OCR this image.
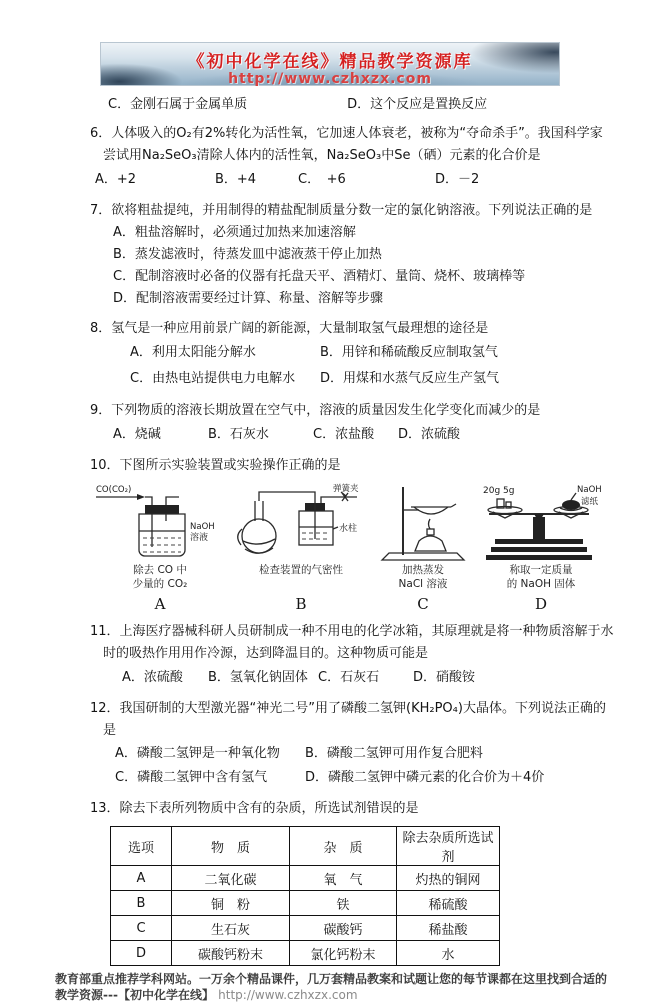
《初中化学在线》精品教学资源库
http://www.czhxzx.com
C．金刚石属于金属单质	D．这个反应是置换反应
6．人体吸入的O₂有2%转化为活性氧，它加速人体衰老，被称为“夺命杀手”。我国科学家
尝试用Na₂SeO₃清除人体内的活性氧，Na₂SeO₃中Se（硒）元素的化合价是
A．+2	B．+4	C．　+6	D．－2
7．欲将粗盐提纯，并用制得的精盐配制质量分数一定的氯化钠溶液。下列说法正确的是
A．粗盐溶解时，必须通过加热来加速溶解
B．蒸发滤液时，待蒸发皿中滤液蒸干停止加热
C．配制溶液时必备的仪器有托盘天平、酒精灯、量筒、烧杯、玻璃棒等
D．配制溶液需要经过计算、称量、溶解等步骤
8．氢气是一种应用前景广阔的新能源，大量制取氢气最理想的途径是
A．利用太阳能分解水	B．用锌和稀硫酸反应制取氢气
C．由热电站提供电力电解水	D．用煤和水蒸气反应生产氢气
9．下列物质的溶液长期放置在空气中，溶液的质量因发生化学变化而减少的是
A．烧碱	B．石灰水	C．浓盐酸	D．浓硫酸
10．下图所示实验装置或实验操作正确的是
CO(CO₂)
NaOH
溶液
除去 CO 中
少量的 CO₂
A
弹簧夹
水柱
检查装置的气密性

B
加热蒸发
NaCl 溶液
C
20g 5g	NaOH
滤纸
称取一定质量
的 NaOH 固体
D
11．上海医疗器械科研人员研制成一种不用电的化学冰箱，其原理就是将一种物质溶解于水
时的吸热作用用作冷源，达到降温目的。这种物质可能是
A．浓硫酸	B．氢氧化钠固体 C．石灰石	D．硝酸铵
12．我国研制的大型激光器“神光二号”用了磷酸二氢钾(KH₂PO₄)大晶体。下列说法正确的
是
A．磷酸二氢钾是一种氧化物	B．磷酸二氢钾可用作复合肥料
C．磷酸二氢钾中含有氢气	D．磷酸二氢钾中磷元素的化合价为＋4价
13．除去下表所列物质中含有的杂质，所选试剂错误的是
选项	物　质	杂　质	除去杂质所选试剂
A	二氧化碳	氧　气	灼热的铜网
B	铜　粉	铁	稀硫酸
C	生石灰	碳酸钙	稀盐酸
D	碳酸钙粉末	氯化钙粉末	水
教育部重点推荐学科网站。一万余个精品课件，几万套精品教案和试题让您的每节课都在这里找到合适的
教学资源---【初中化学在线】 http://www.czhxzx.com
